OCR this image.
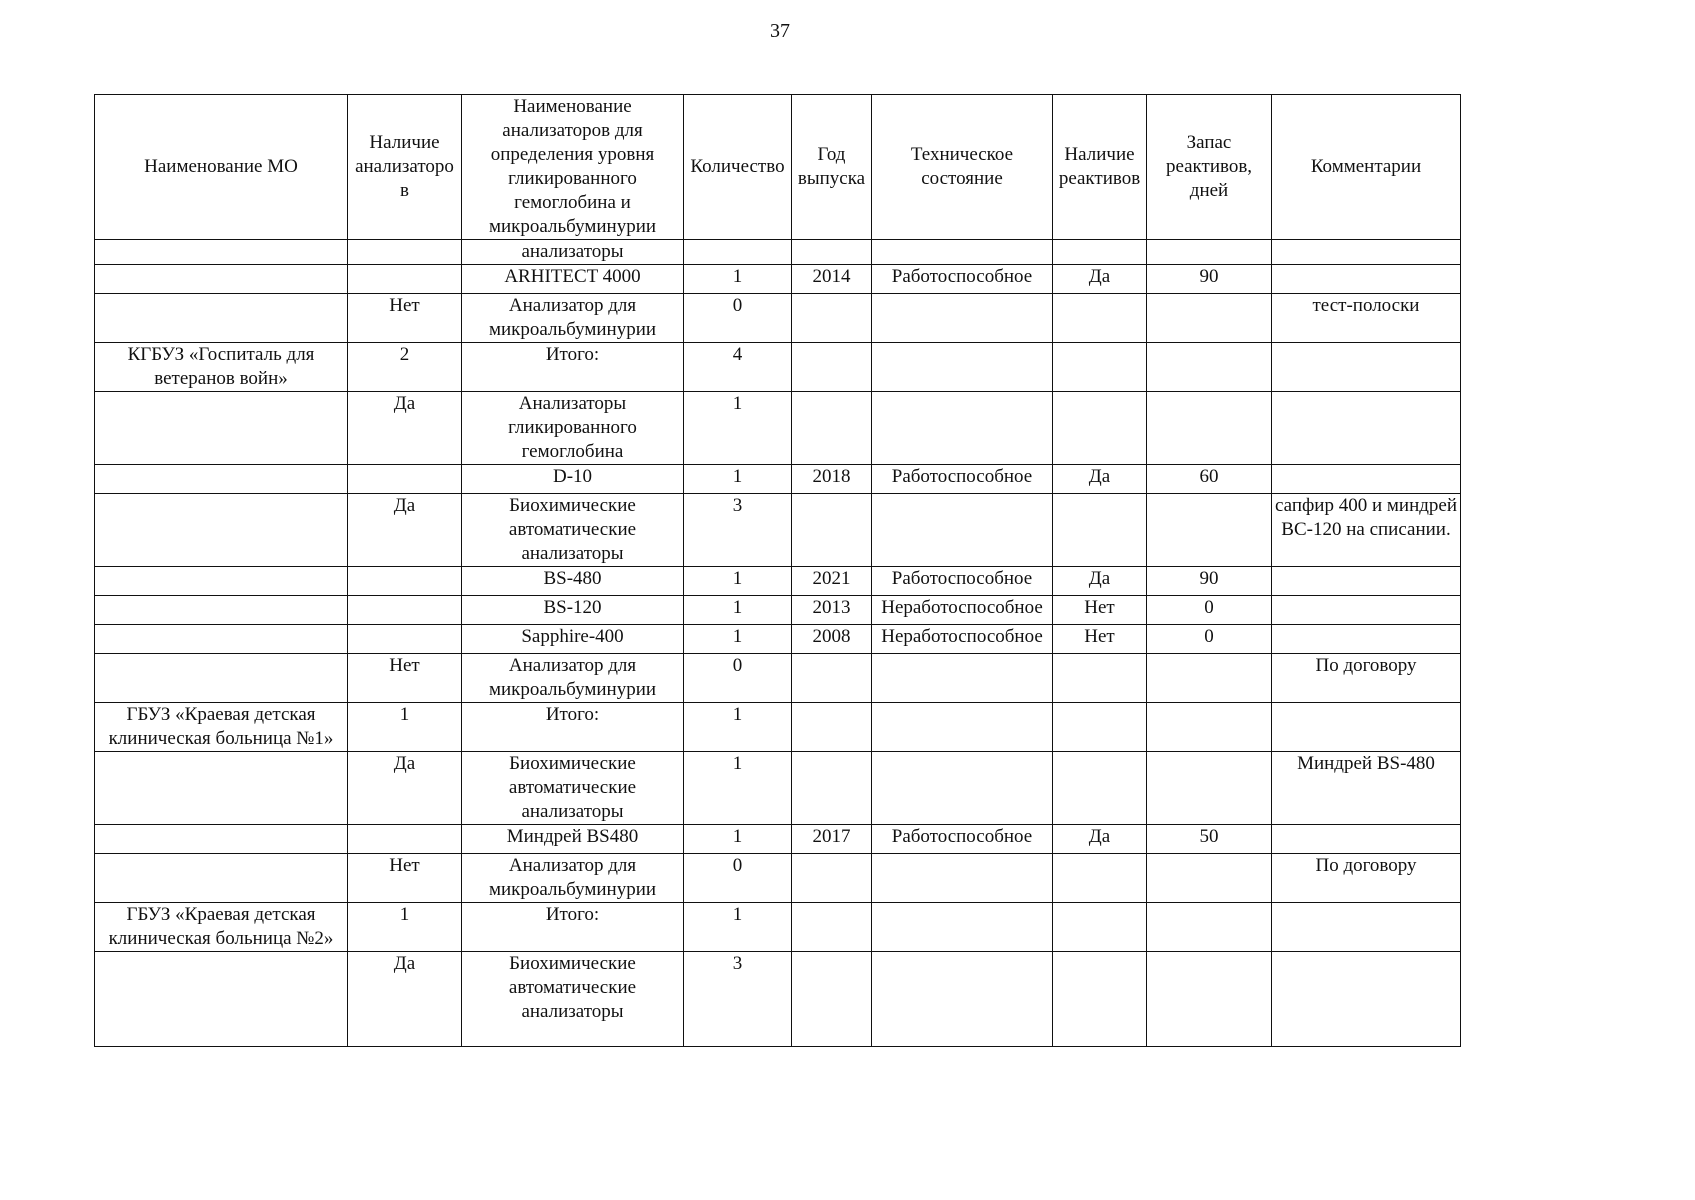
37
Наименование МО	Наличие анализаторо в	Наименование анализаторов для определения уровня гликированного гемоглобина и микроальбуминурии	Количество	Год выпуска	Техническое состояние	Наличие реактивов	Запас реактивов, дней	Комментарии
		анализаторы						
		ARHITECT 4000	1	2014	Работоспособное	Да	90	
	Нет	Анализатор для микроальбуминурии	0					тест-полоски
КГБУЗ «Госпиталь для ветеранов войн»	2	Итого:	4					
	Да	Анализаторы гликированного гемоглобина	1					
		D-10	1	2018	Работоспособное	Да	60	
	Да	Биохимические автоматические анализаторы	3					сапфир 400 и миндрей ВС-120 на списании.
		BS-480	1	2021	Работоспособное	Да	90	
		BS-120	1	2013	Неработоспособное	Нет	0	
		Sapphire-400	1	2008	Неработоспособное	Нет	0	
	Нет	Анализатор для микроальбуминурии	0					По договору
ГБУЗ «Краевая детская клиническая больница №1»	1	Итого:	1					
	Да	Биохимические автоматические анализаторы	1					Миндрей BS-480
		Миндрей BS480	1	2017	Работоспособное	Да	50	
	Нет	Анализатор для микроальбуминурии	0					По договору
ГБУЗ «Краевая детская клиническая больница №2»	1	Итого:	1					
	Да	Биохимические автоматические анализаторы	3					
